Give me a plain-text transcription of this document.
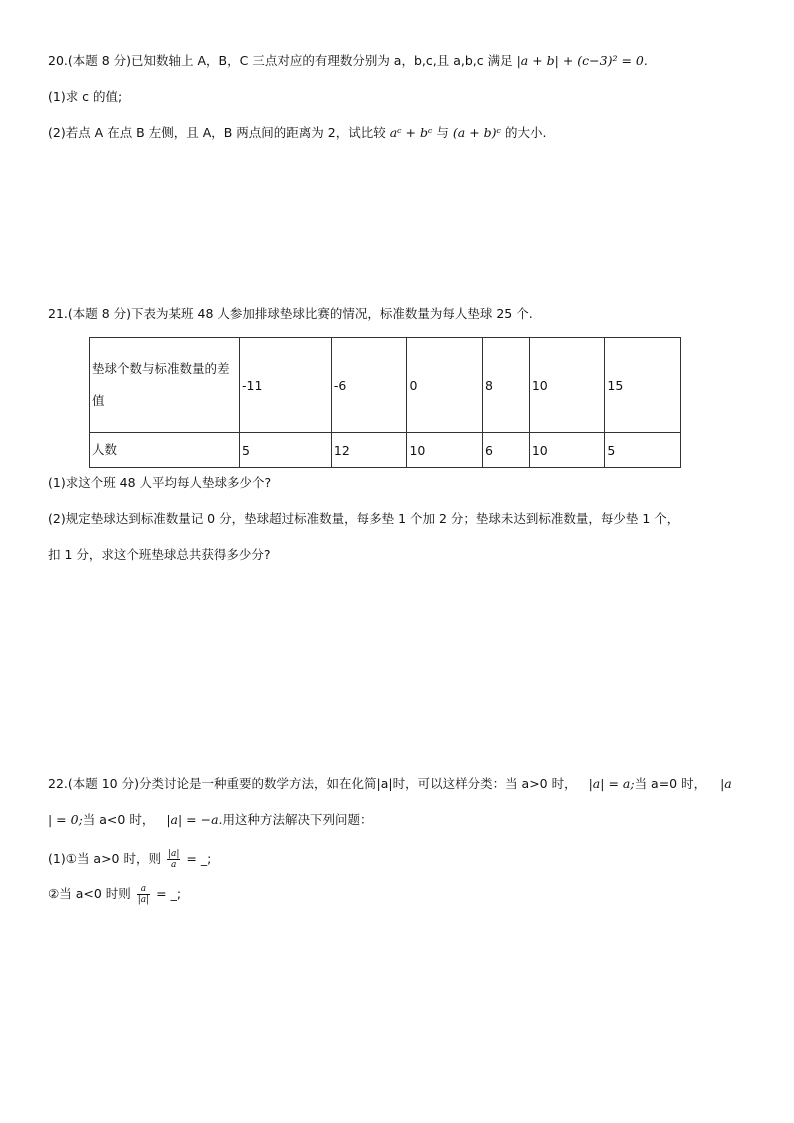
20.(本题 8 分)已知数轴上 A，B，C 三点对应的有理数分别为 a，b,c,且 a,b,c 满足 |a + b| + (c−3)² = 0.
(1)求 c 的值;
(2)若点 A 在点 B 左侧，且 A，B 两点间的距离为 2，试比较 aᶜ + bᶜ 与 (a + b)ᶜ 的大小.
21.(本题 8 分)下表为某班 48 人参加排球垫球比赛的情况，标准数量为每人垫球 25 个.
垫球个数与标准数量的差值	-11	-6	0	8	10	15
人数	5	12	10	6	10	5
(1)求这个班 48 人平均每人垫球多少个?
(2)规定垫球达到标准数量记 0 分，垫球超过标准数量，每多垫 1 个加 2 分；垫球未达到标准数量，每少垫 1 个，
扣 1 分，求这个班垫球总共获得多少分?
22.(本题 10 分)分类讨论是一种重要的数学方法，如在化简|a|时，可以这样分类：当 a>0 时， |a| = a;当 a=0 时， |a
| = 0;当 a<0 时， |a| = −a.用这种方法解决下列问题：
(1)①当 a>0 时，则 $\frac{|a|}{a}$ = _;
②当 a<0 时则 $\frac{a}{|a|}$ = _;
